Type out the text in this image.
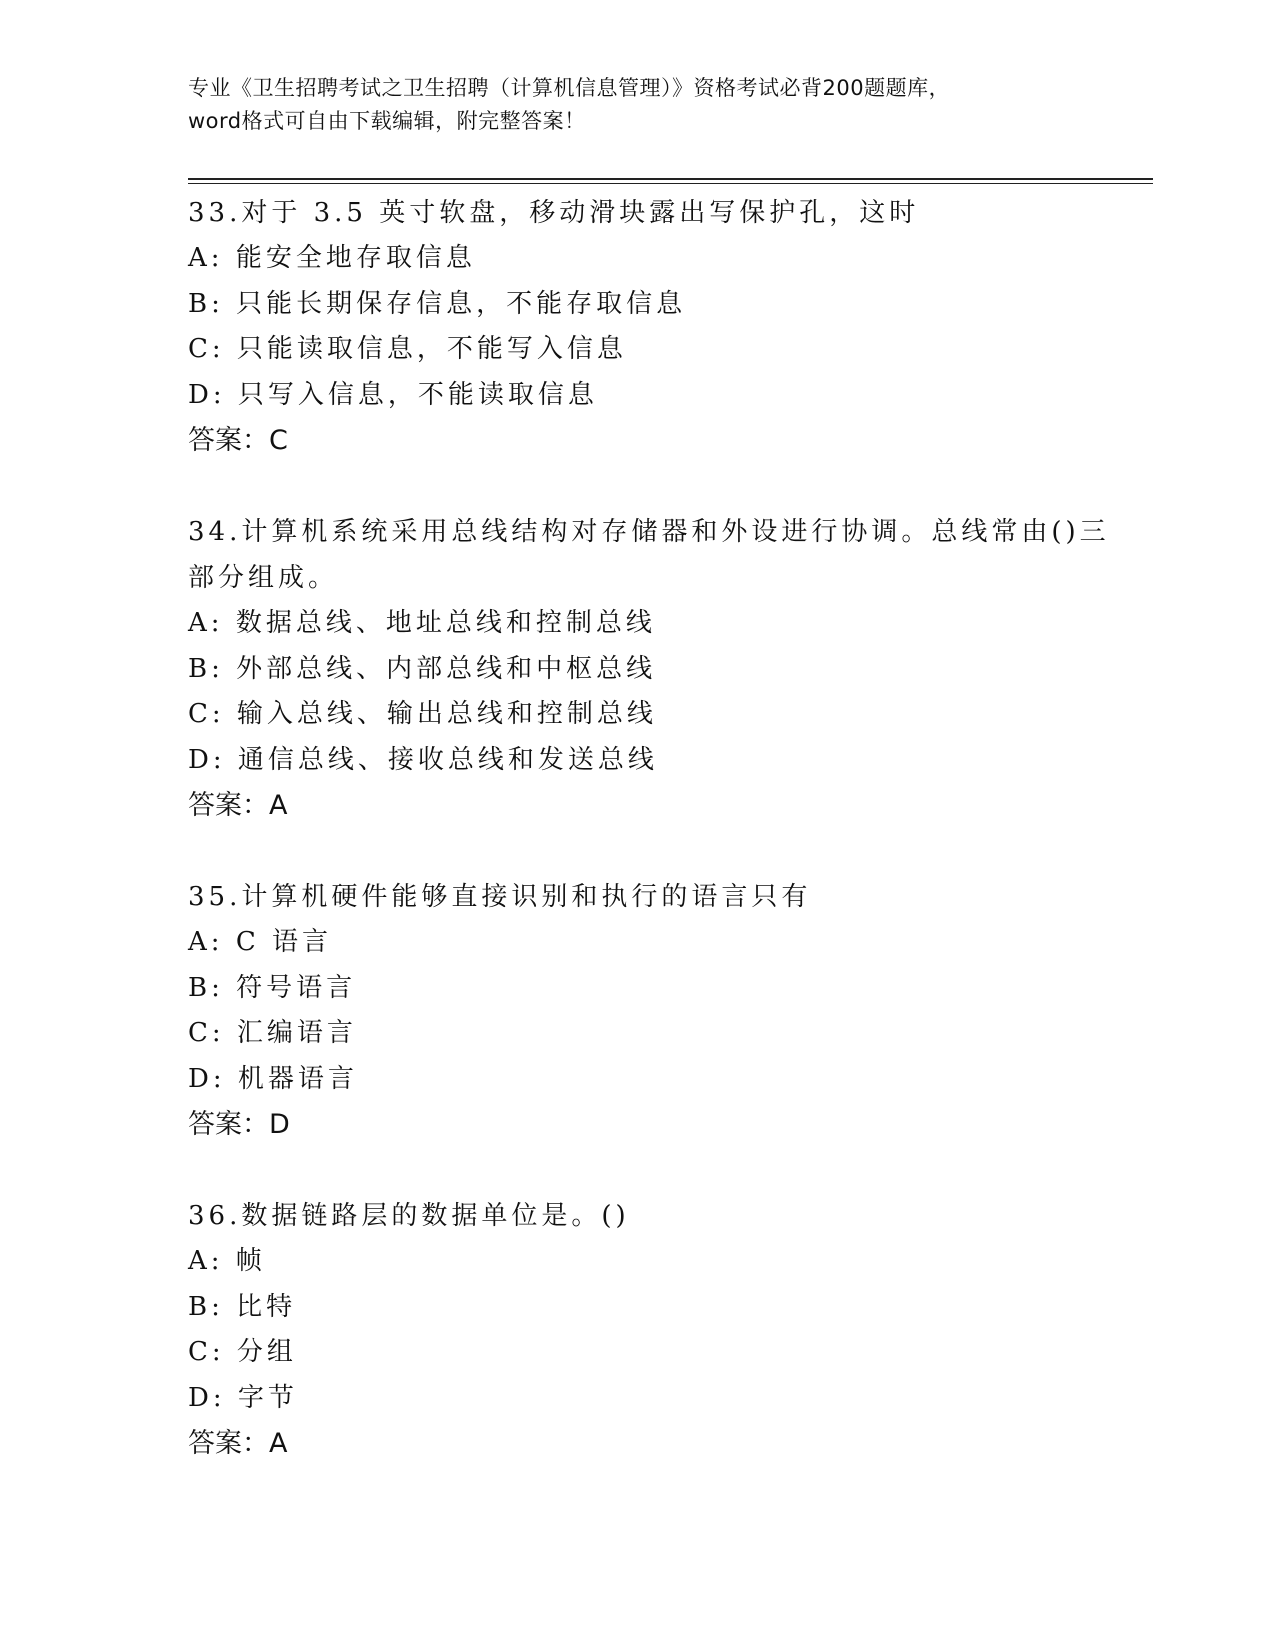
专业《卫生招聘考试之卫生招聘（计算机信息管理）》资格考试必背200题题库，
word格式可自由下载编辑，附完整答案！
33.对于 3.5 英寸软盘，移动滑块露出写保护孔，这时
A: 能安全地存取信息
B: 只能长期保存信息，不能存取信息
C: 只能读取信息，不能写入信息
D: 只写入信息，不能读取信息
答案：C
34.计算机系统采用总线结构对存储器和外设进行协调。总线常由()三
部分组成。
A: 数据总线、地址总线和控制总线
B: 外部总线、内部总线和中枢总线
C: 输入总线、输出总线和控制总线
D: 通信总线、接收总线和发送总线
答案：A
35.计算机硬件能够直接识别和执行的语言只有
A: C 语言
B: 符号语言
C: 汇编语言
D: 机器语言
答案：D
36.数据链路层的数据单位是。()
A: 帧
B: 比特
C: 分组
D: 字节
答案：A
